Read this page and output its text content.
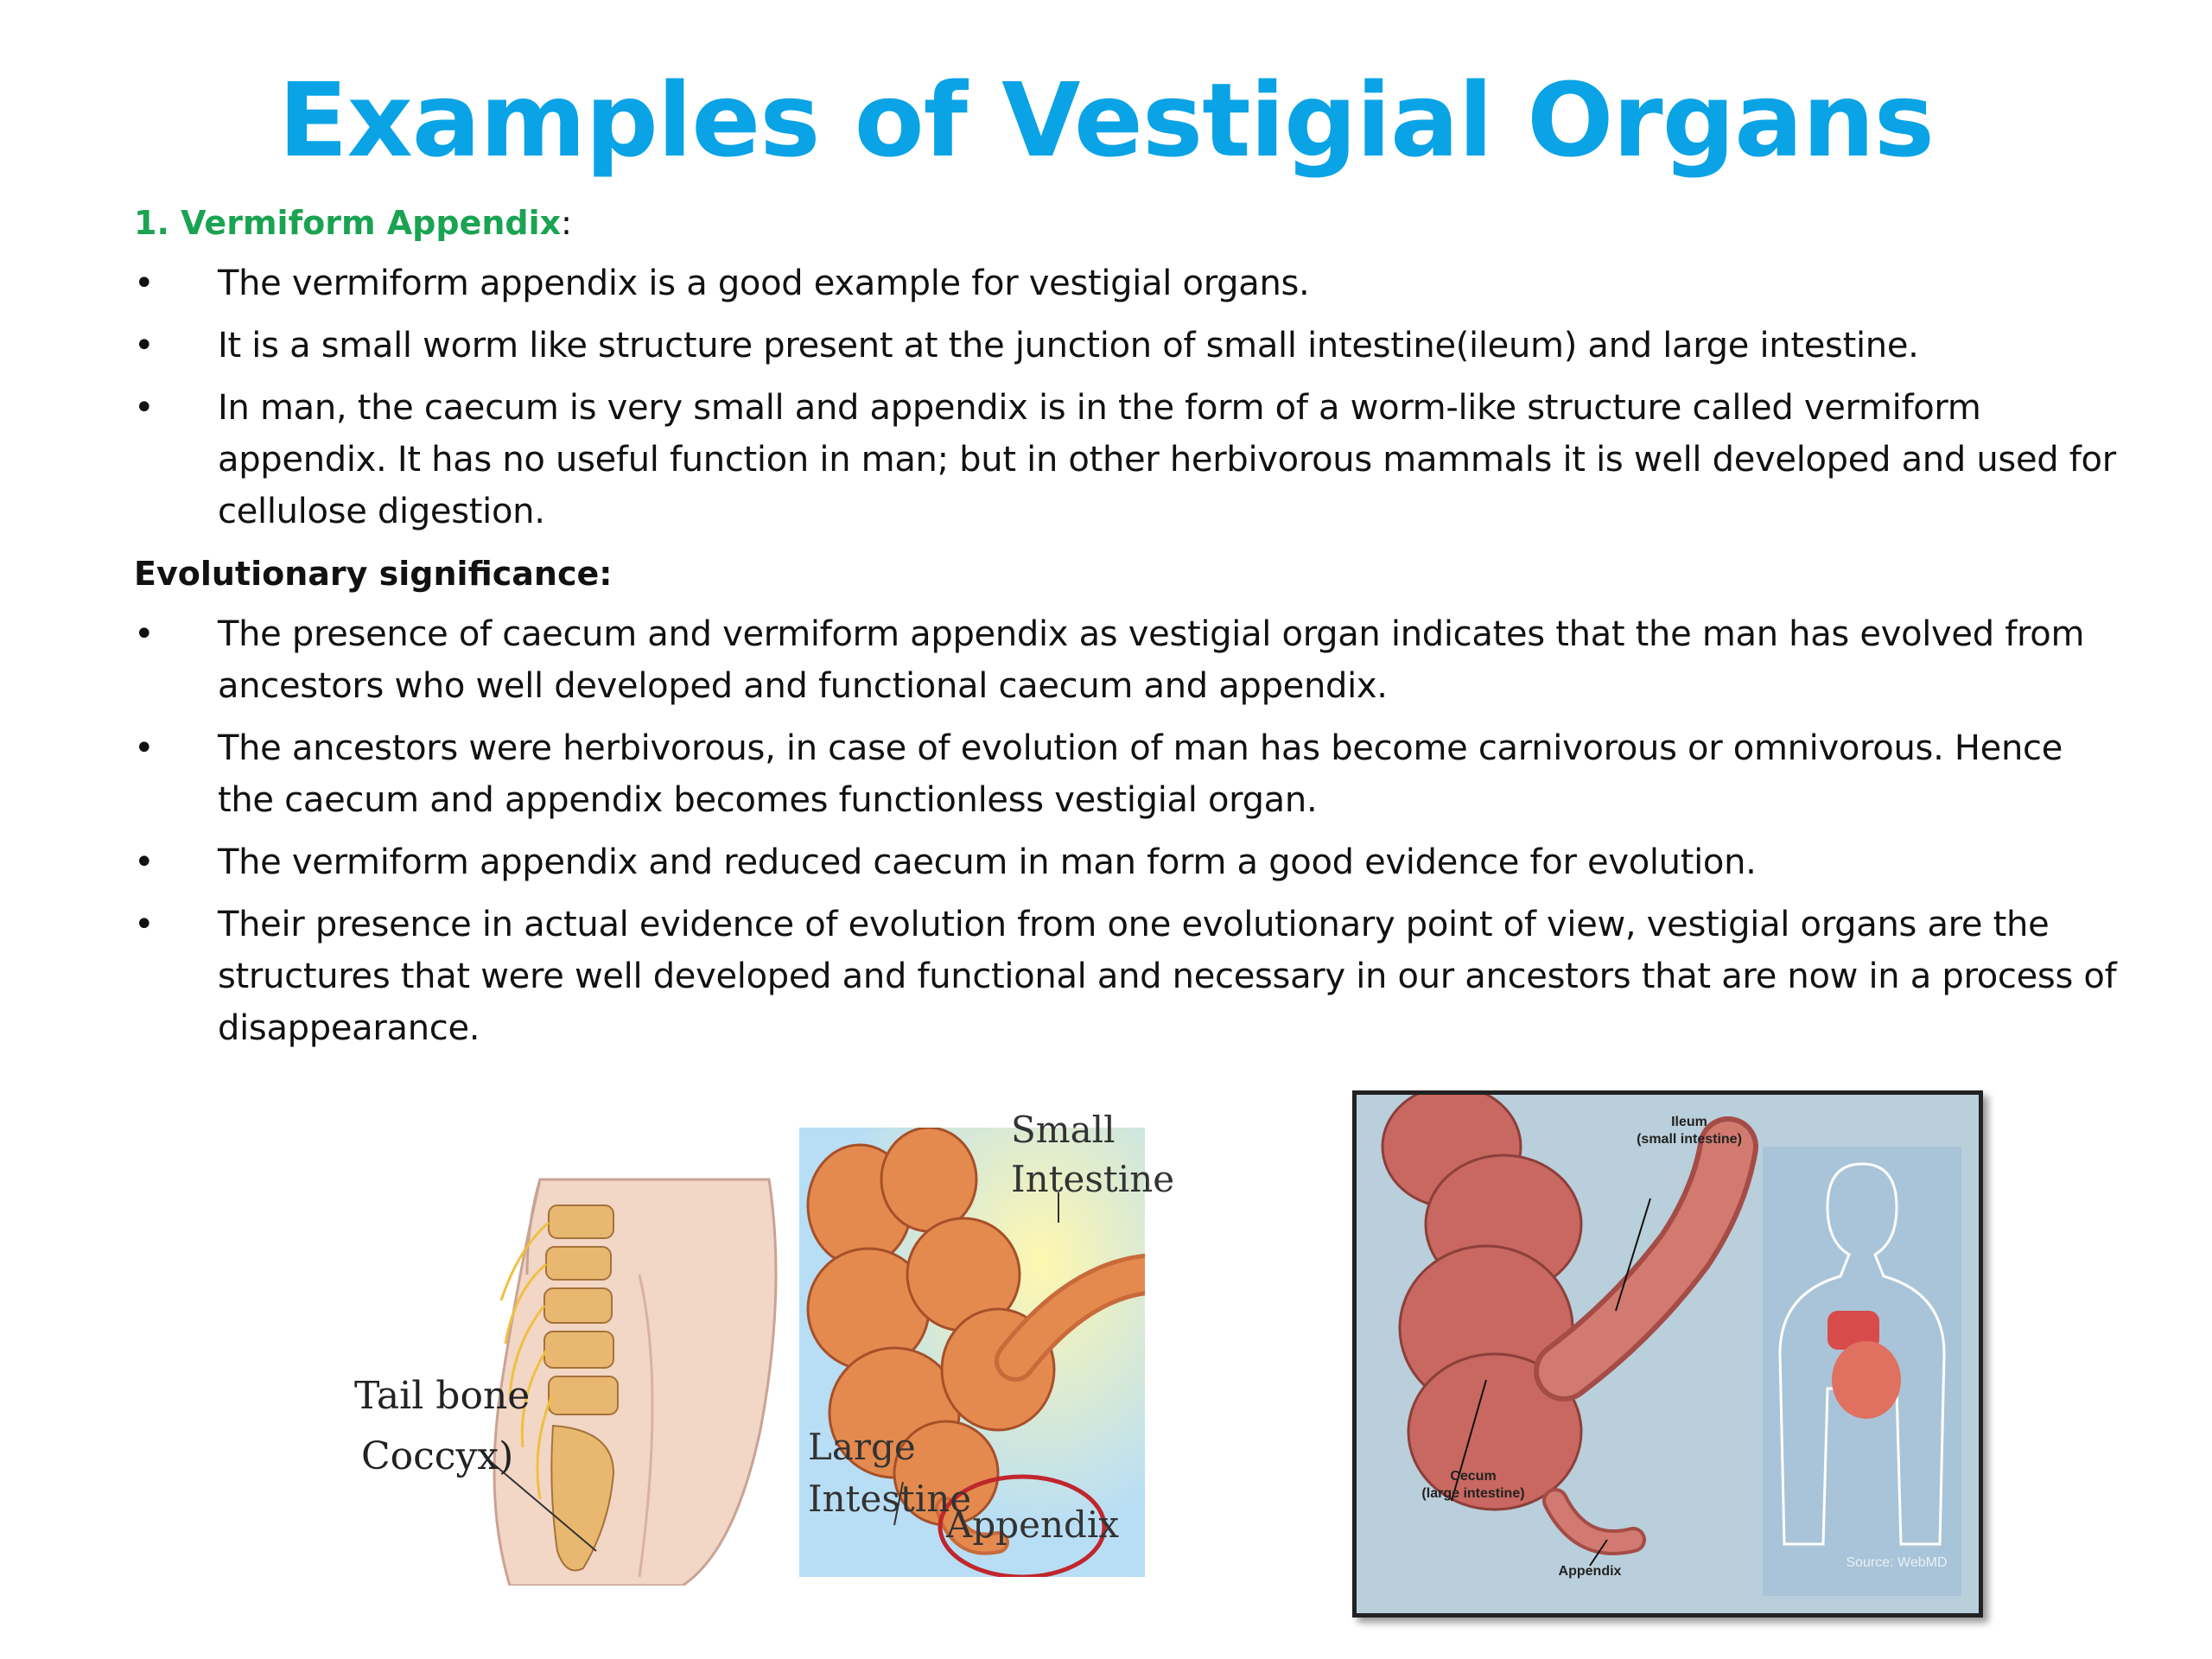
Examples of Vestigial Organs
1. Vermiform Appendix:
•	The vermiform appendix is a good example for vestigial organs.
•	It is a small worm like structure present at the junction of small intestine(ileum) and large intestine.
•	In man, the caecum is very small and appendix is in the form of a worm-like structure called vermiform appendix. It has no useful function in man; but in other herbivorous mammals it is well developed and used for cellulose digestion.
Evolutionary significance:
•	The presence of caecum and vermiform appendix as vestigial organ indicates that the man has evolved from ancestors who well developed and functional caecum and appendix.
•	The ancestors were herbivorous, in case of evolution of man has become carnivorous or omnivorous. Hence the caecum and appendix becomes functionless vestigial organ.
•	The vermiform appendix and reduced caecum in man form a good evidence for evolution.
•	Their presence in actual evidence of evolution from one evolutionary point of view, vestigial organs are the structures that were well developed and functional and necessary in our ancestors that are now in a process of disappearance.
Tail bone
Coccyx)
Small
Intestine
Large
Intestine
Appendix
Ileum
(small intestine)
Cecum
(large intestine)
Appendix
Source: WebMD
